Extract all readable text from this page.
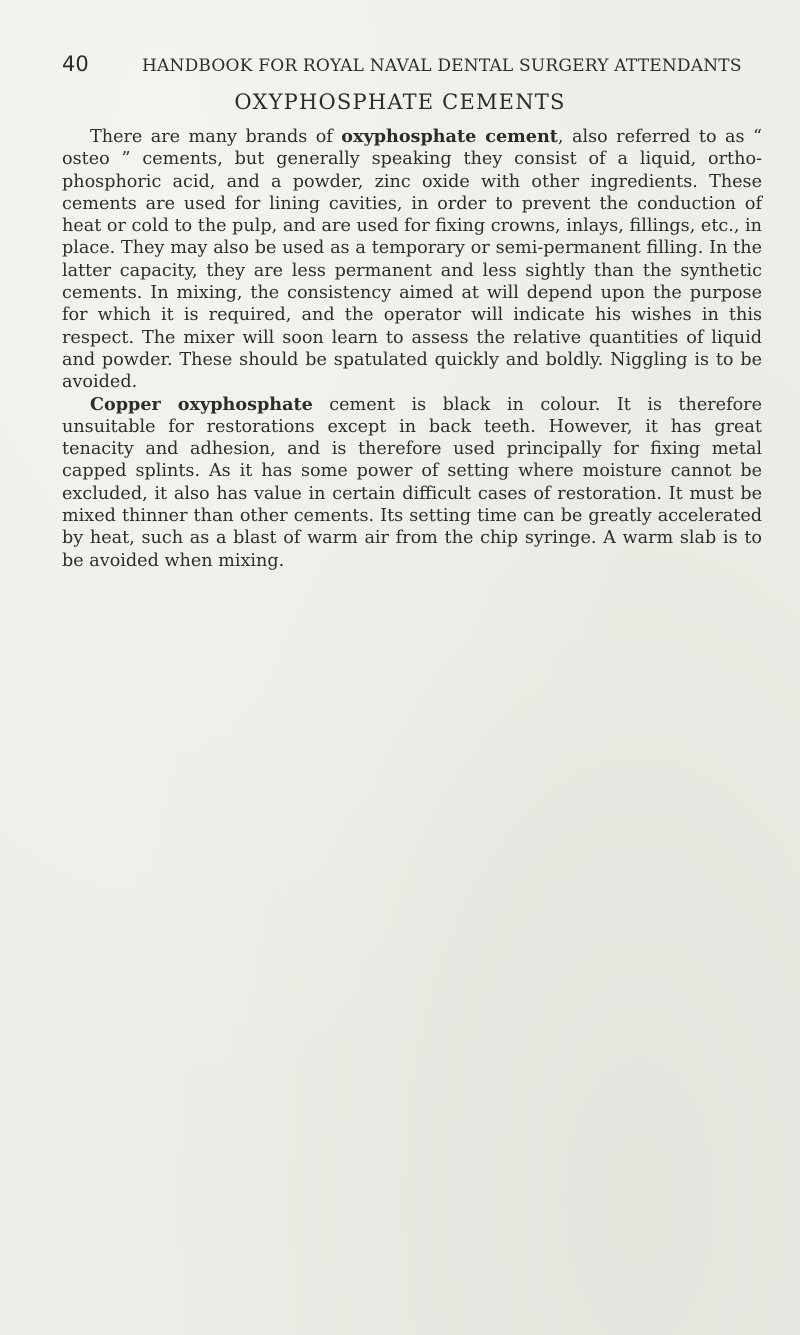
40	HANDBOOK FOR ROYAL NAVAL DENTAL SURGERY ATTENDANTS
OXYPHOSPHATE CEMENTS

There are many brands of oxyphosphate cement, also referred to as “ osteo ” cements, but generally speaking they consist of a liquid, ortho-phosphoric acid, and a powder, zinc oxide with other ingredients. These cements are used for lining cavities, in order to prevent the conduction of heat or cold to the pulp, and are used for fixing crowns, inlays, fillings, etc., in place. They may also be used as a temporary or semi-permanent filling. In the latter capacity, they are less permanent and less sightly than the synthetic cements. In mixing, the consistency aimed at will depend upon the purpose for which it is required, and the operator will indicate his wishes in this respect. The mixer will soon learn to assess the relative quantities of liquid and powder. These should be spatulated quickly and boldly. Niggling is to be avoided.

Copper oxyphosphate cement is black in colour. It is therefore unsuitable for restorations except in back teeth. However, it has great tenacity and adhesion, and is therefore used principally for fixing metal capped splints. As it has some power of setting where moisture cannot be excluded, it also has value in certain difficult cases of restoration. It must be mixed thinner than other cements. Its setting time can be greatly accelerated by heat, such as a blast of warm air from the chip syringe. A warm slab is to be avoided when mixing.
